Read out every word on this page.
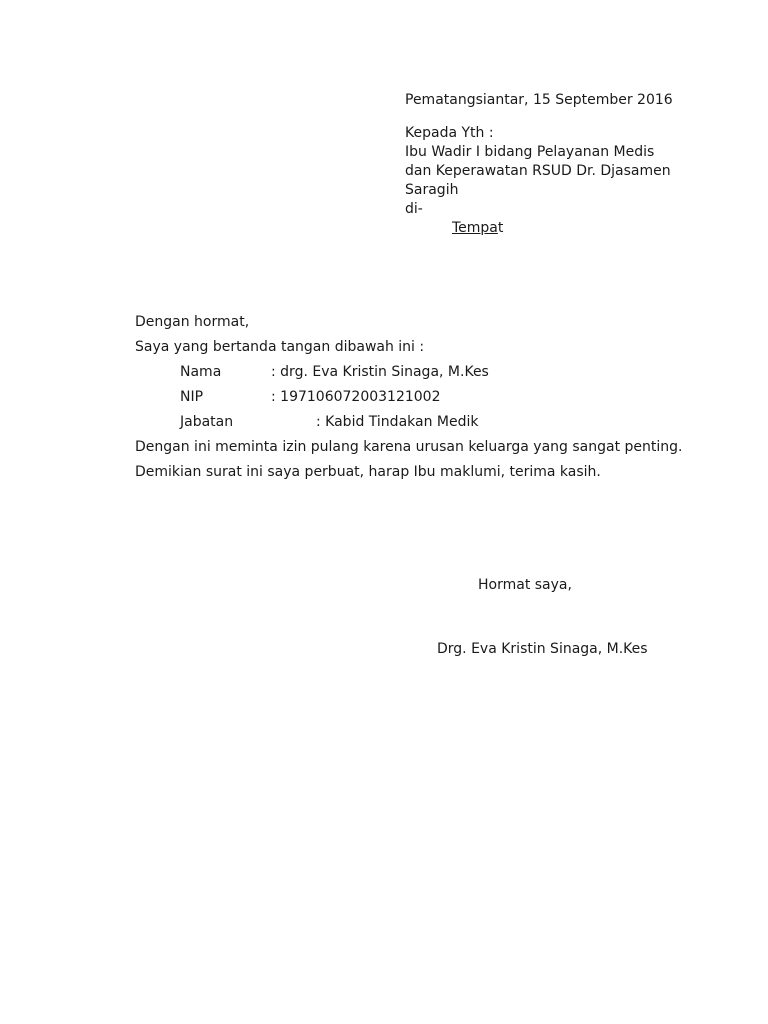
Pematangsiantar, 15 September 2016
Kepada Yth :
Ibu Wadir I bidang Pelayanan Medis
dan Keperawatan RSUD Dr. Djasamen
Saragih
di-
Tempat
Dengan hormat,
Saya yang bertanda tangan dibawah ini :
Nama	: drg. Eva Kristin Sinaga, M.Kes
NIP	: 197106072003121002
Jabatan	: Kabid Tindakan Medik
Dengan ini meminta izin pulang karena urusan keluarga yang sangat penting.
Demikian surat ini saya perbuat, harap Ibu maklumi, terima kasih.
Hormat saya,
Drg. Eva Kristin Sinaga, M.Kes
